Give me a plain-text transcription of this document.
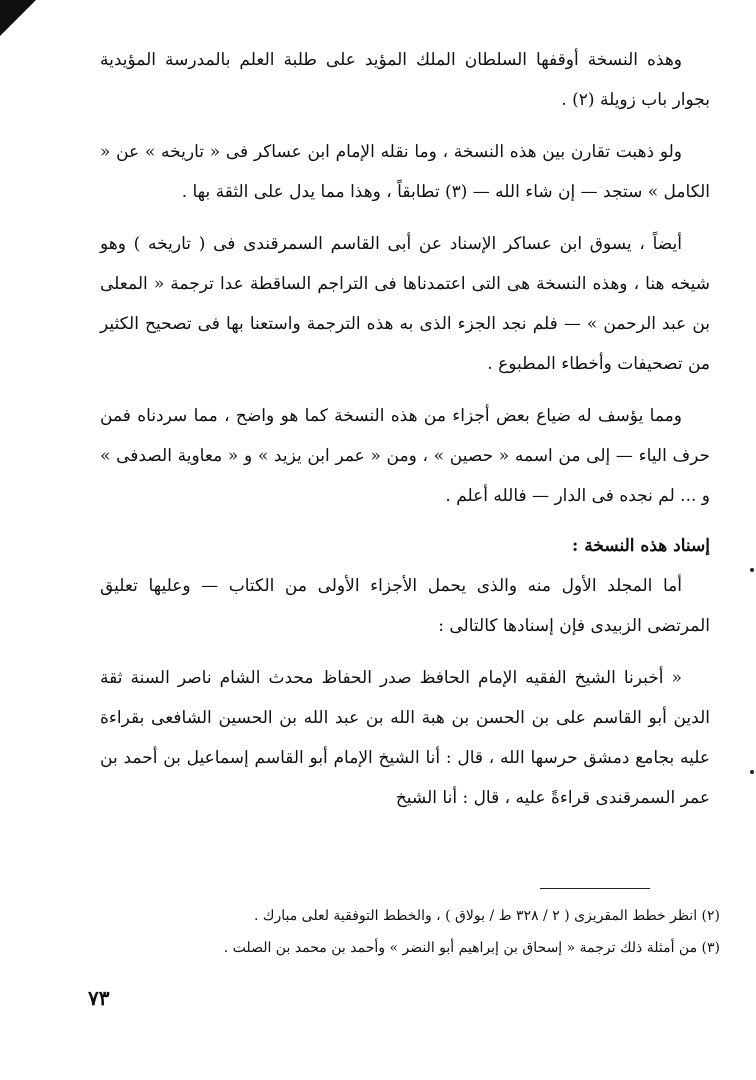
وهذه النسخة أوقفها السلطان الملك المؤيد على طلبة العلم بالمدرسة المؤيدية بجوار باب زويلة (٢) .

ولو ذهبت تقارن بين هذه النسخة ، وما نقله الإمام ابن عساكر فى « تاريخه » عن « الكامل » ستجد — إن شاء الله — (٣) تطابقاً ، وهذا مما يدل على الثقة بها .

أيضاً ، يسوق ابن عساكر الإسناد عن أبى القاسم السمرقندى فى ( تاريخه ) وهو شيخه هنا ، وهذه النسخة هى التى اعتمدناها فى التراجم الساقطة عدا ترجمة « المعلى بن عبد الرحمن » — فلم نجد الجزء الذى به هذه الترجمة واستعنا بها فى تصحيح الكثير من تصحيفات وأخطاء المطبوع .

ومما يؤسف له ضياع بعض أجزاء من هذه النسخة كما هو واضح ، مما سردناه فمن حرف الياء — إلى من اسمه « حصين » ، ومن « عمر ابن يزيد » و « معاوية الصدفى » و ... لم نجده فى الدار — فالله أعلم .

إسناد هذه النسخة :

أما المجلد الأول منه والذى يحمل الأجزاء الأولى من الكتاب — وعليها تعليق المرتضى الزبيدى فإن إسنادها كالتالى :

« أخبرنا الشيخ الفقيه الإمام الحافظ صدر الحفاظ محدث الشام ناصر السنة ثقة الدين أبو القاسم على بن الحسن بن هبة الله بن عبد الله بن الحسين الشافعى بقراءة عليه بجامع دمشق حرسها الله ، قال : أنا الشيخ الإمام أبو القاسم إسماعيل بن أحمد بن عمر السمرقندى قراءةً عليه ، قال : أنا الشيخ

(٢) انظر خطط المقريزى ( ٢ / ٣٢٨ ط / بولاق ) ، والخطط التوفقية لعلى مبارك .

(٣) من أمثلة ذلك ترجمة « إسحاق بن إبراهيم أبو النضر » وأحمد بن محمد بن الصلت .

٧٣
